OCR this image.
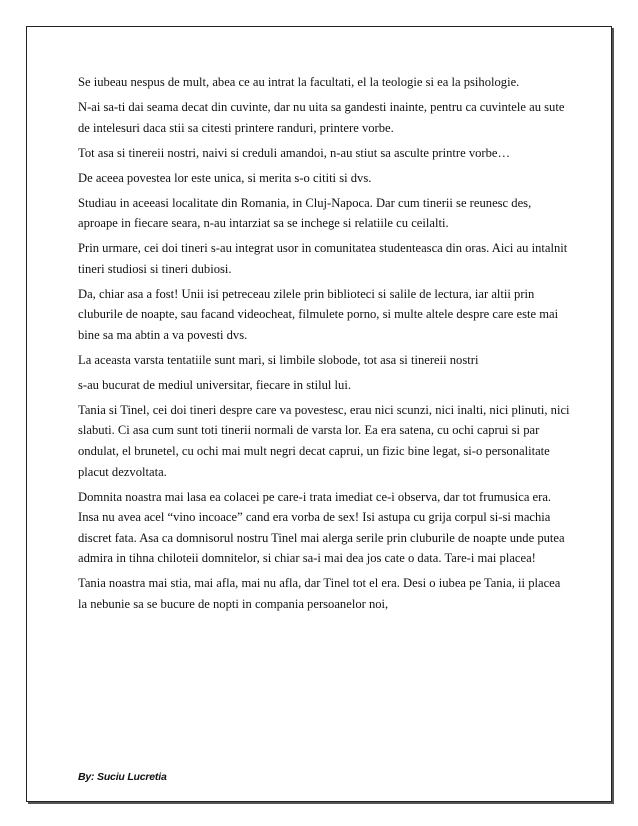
Se iubeau nespus de mult, abea ce au intrat la facultati, el la teologie si ea la psihologie.

N-ai sa-ti dai seama decat din cuvinte, dar nu uita sa gandesti inainte, pentru ca cuvintele au sute de intelesuri daca stii sa citesti printere randuri, printere vorbe.

Tot asa si tinereii nostri, naivi si creduli amandoi, n-au stiut sa asculte printre vorbe…

De aceea povestea lor este unica, si merita s-o cititi si dvs.

Studiau in aceeasi localitate din Romania, in Cluj-Napoca. Dar cum tinerii se reunesc des, aproape in fiecare seara, n-au intarziat sa se inchege si relatiile cu ceilalti.

Prin urmare, cei doi tineri s-au integrat usor in comunitatea studenteasca din oras. Aici au intalnit tineri studiosi si tineri dubiosi.

Da, chiar asa a fost! Unii isi petreceau zilele prin biblioteci si salile de lectura, iar altii prin cluburile de noapte, sau facand videocheat, filmulete porno, si multe altele despre care este mai bine sa ma abtin a va povesti dvs.

La aceasta varsta tentatiile sunt mari, si limbile slobode, tot asa si tinereii nostri

s-au bucurat de mediul universitar, fiecare in stilul lui.

Tania si Tinel, cei doi tineri despre care va povestesc, erau nici scunzi, nici inalti, nici plinuti, nici slabuti. Ci asa cum sunt toti tinerii normali de varsta lor. Ea era satena, cu ochi caprui si par ondulat, el brunetel, cu ochi mai mult negri decat caprui, un fizic bine legat, si-o personalitate placut dezvoltata.

Domnita noastra mai lasa ea colacei pe care-i trata imediat ce-i observa, dar tot frumusica era. Insa nu avea acel “vino incoace” cand era vorba de sex! Isi astupa cu grija corpul si-si machia discret fata. Asa ca domnisorul nostru Tinel mai alerga serile prin cluburile de noapte unde putea admira in tihna chiloteii domnitelor, si chiar sa-i mai dea jos cate o data. Tare-i mai placea!

Tania noastra mai stia, mai afla, mai nu afla, dar Tinel tot el era. Desi o iubea pe Tania, ii placea la nebunie sa se bucure de nopti in compania persoanelor noi,

By: Suciu Lucretia
